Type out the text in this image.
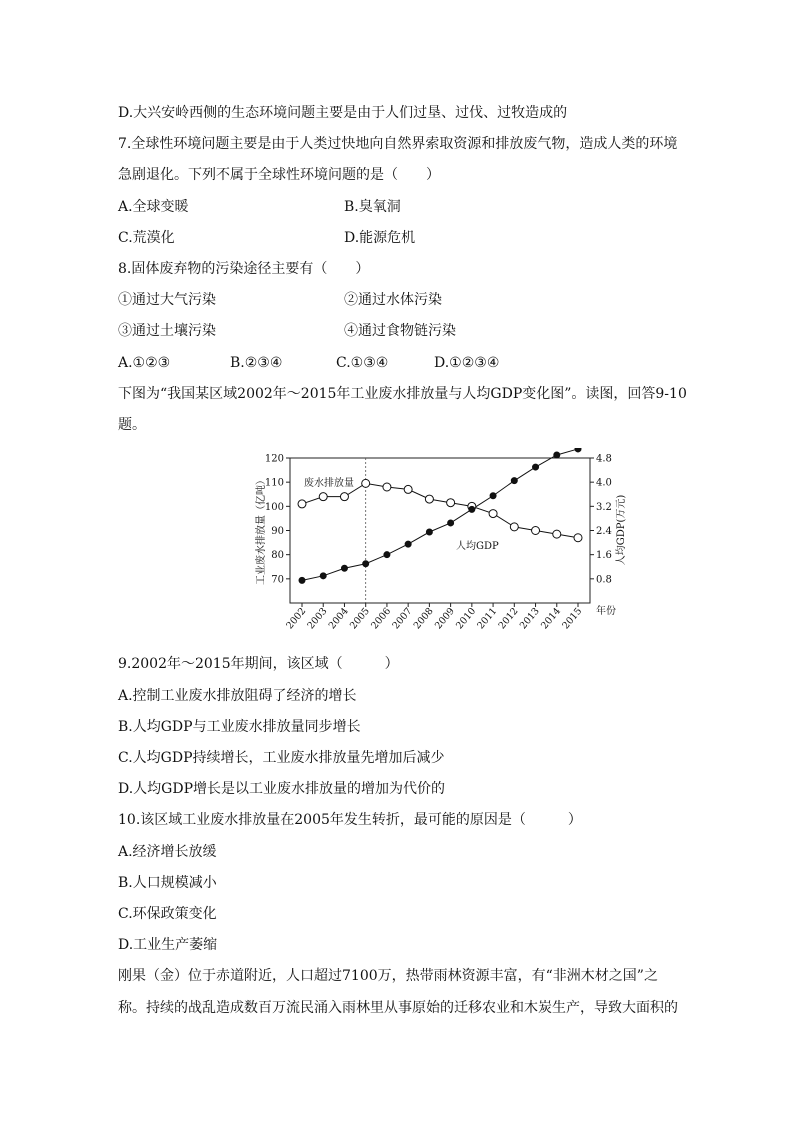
D.大兴安岭西侧的生态环境问题主要是由于人们过垦、过伐、过牧造成的
7.全球性环境问题主要是由于人类过快地向自然界索取资源和排放废气物，造成人类的环境
急剧退化。下列不属于全球性环境问题的是（　　）
A.全球变暖	B.臭氧洞
C.荒漠化	D.能源危机
8.固体废弃物的污染途径主要有（　　）
①通过大气污染	②通过水体污染
③通过土壤污染	④通过食物链污染
A.①②③	B.②③④	C.①③④	D.①②③④
下图为“我国某区域2002年～2015年工业废水排放量与人均GDP变化图”。读图，回答9-10
题。
70
80
90
100
110
120
0.8
1.6
2.4
3.2
4.0
4.8
2002
2003
2004
2005
2006
2007
2008
2009
2010
2011
2012
2013
2014
2015
废水排放量
人均GDP
年份
工业废水排放量（亿吨）	人均GDP(万元)
9.2002年～2015年期间，该区域（　　　）
A.控制工业废水排放阻碍了经济的增长
B.人均GDP与工业废水排放量同步增长
C.人均GDP持续增长，工业废水排放量先增加后减少
D.人均GDP增长是以工业废水排放量的增加为代价的
10.该区域工业废水排放量在2005年发生转折，最可能的原因是（　　　）
A.经济增长放缓
B.人口规模减小
C.环保政策变化
D.工业生产萎缩
刚果（金）位于赤道附近，人口超过7100万，热带雨林资源丰富，有“非洲木材之国”之
称。持续的战乱造成数百万流民涌入雨林里从事原始的迁移农业和木炭生产，导致大面积的
